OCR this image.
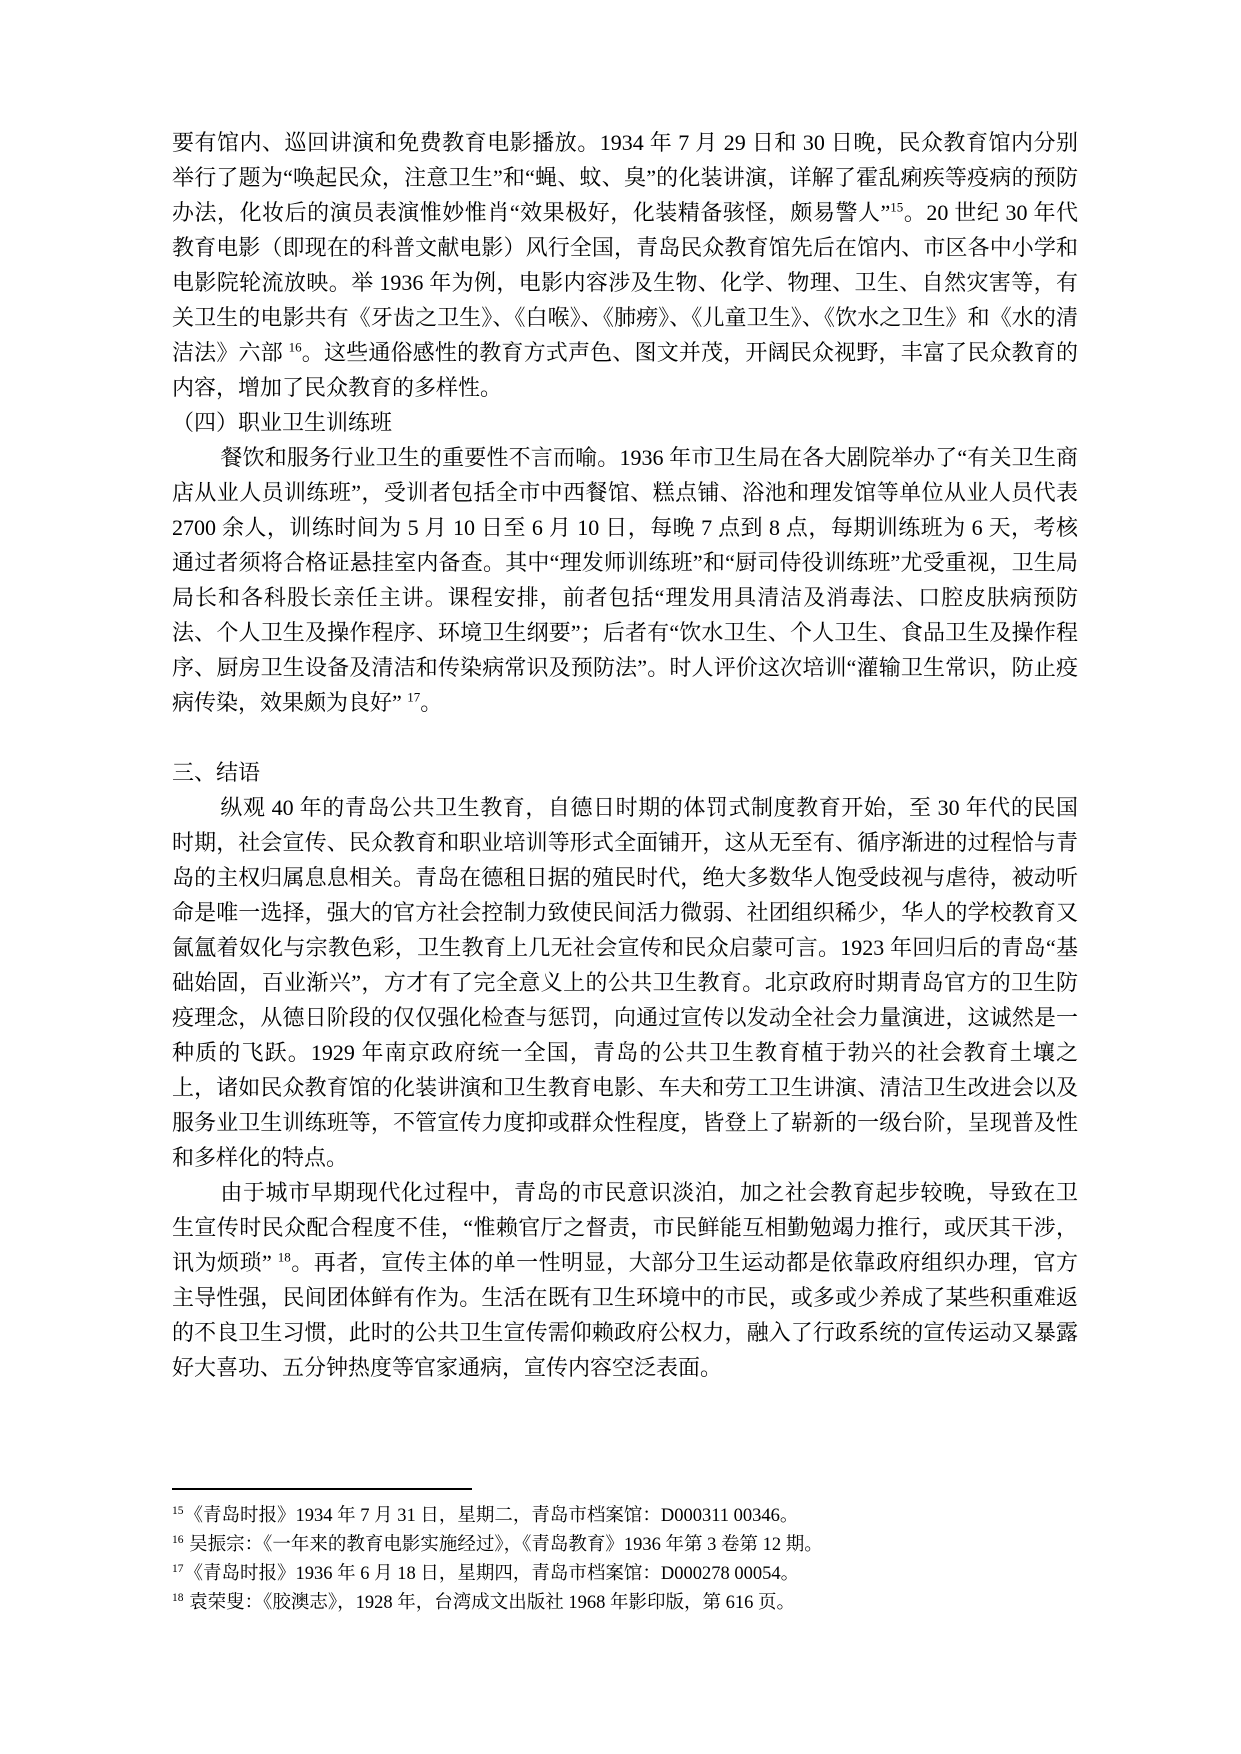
要有馆内、巡回讲演和免费教育电影播放。1934 年 7 月 29 日和 30 日晚，民众教育馆内分别举行了题为“唤起民众，注意卫生”和“蝇、蚊、臭”的化装讲演，详解了霍乱痢疾等疫病的预防办法，化妆后的演员表演惟妙惟肖“效果极好，化装精备骇怪，颇易警人”$^{15}$。20 世纪 30 年代教育电影（即现在的科普文献电影）风行全国，青岛民众教育馆先后在馆内、市区各中小学和电影院轮流放映。举 1936 年为例，电影内容涉及生物、化学、物理、卫生、自然灾害等，有关卫生的电影共有《牙齿之卫生》、《白喉》、《肺痨》、《儿童卫生》、《饮水之卫生》和《水的清洁法》六部 $^{16}$。这些通俗感性的教育方式声色、图文并茂，开阔民众视野，丰富了民众教育的内容，增加了民众教育的多样性。

（四）职业卫生训练班

餐饮和服务行业卫生的重要性不言而喻。1936 年市卫生局在各大剧院举办了“有关卫生商店从业人员训练班”，受训者包括全市中西餐馆、糕点铺、浴池和理发馆等单位从业人员代表 2700 余人，训练时间为 5 月 10 日至 6 月 10 日，每晚 7 点到 8 点，每期训练班为 6 天，考核通过者须将合格证悬挂室内备查。其中“理发师训练班”和“厨司侍役训练班”尤受重视，卫生局局长和各科股长亲任主讲。课程安排，前者包括“理发用具清洁及消毒法、口腔皮肤病预防法、个人卫生及操作程序、环境卫生纲要”；后者有“饮水卫生、个人卫生、食品卫生及操作程序、厨房卫生设备及清洁和传染病常识及预防法”。时人评价这次培训“灌输卫生常识，防止疫病传染，效果颇为良好” $^{17}$。

三、结语

纵观 40 年的青岛公共卫生教育，自德日时期的体罚式制度教育开始，至 30 年代的民国时期，社会宣传、民众教育和职业培训等形式全面铺开，这从无至有、循序渐进的过程恰与青岛的主权归属息息相关。青岛在德租日据的殖民时代，绝大多数华人饱受歧视与虐待，被动听命是唯一选择，强大的官方社会控制力致使民间活力微弱、社团组织稀少，华人的学校教育又氤氲着奴化与宗教色彩，卫生教育上几无社会宣传和民众启蒙可言。1923 年回归后的青岛“基础始固，百业渐兴”，方才有了完全意义上的公共卫生教育。北京政府时期青岛官方的卫生防疫理念，从德日阶段的仅仅强化检查与惩罚，向通过宣传以发动全社会力量演进，这诚然是一种质的飞跃。1929 年南京政府统一全国，青岛的公共卫生教育植于勃兴的社会教育土壤之上，诸如民众教育馆的化装讲演和卫生教育电影、车夫和劳工卫生讲演、清洁卫生改进会以及服务业卫生训练班等，不管宣传力度抑或群众性程度，皆登上了崭新的一级台阶，呈现普及性和多样化的特点。

由于城市早期现代化过程中，青岛的市民意识淡泊，加之社会教育起步较晚，导致在卫生宣传时民众配合程度不佳，“惟赖官厅之督责，市民鲜能互相勤勉竭力推行，或厌其干涉，讯为烦琐” $^{18}$。再者，宣传主体的单一性明显，大部分卫生运动都是依靠政府组织办理，官方主导性强，民间团体鲜有作为。生活在既有卫生环境中的市民，或多或少养成了某些积重难返的不良卫生习惯，此时的公共卫生宣传需仰赖政府公权力，融入了行政系统的宣传运动又暴露好大喜功、五分钟热度等官家通病，宣传内容空泛表面。

$^{15}$《青岛时报》1934 年 7 月 31 日，星期二，青岛市档案馆：D000311 00346。
$^{16}$ 吴振宗：《一年来的教育电影实施经过》，《青岛教育》1936 年第 3 卷第 12 期。
$^{17}$《青岛时报》1936 年 6 月 18 日，星期四，青岛市档案馆：D000278 00054。
$^{18}$ 袁荣叟：《胶澳志》，1928 年，台湾成文出版社 1968 年影印版，第 616 页。
